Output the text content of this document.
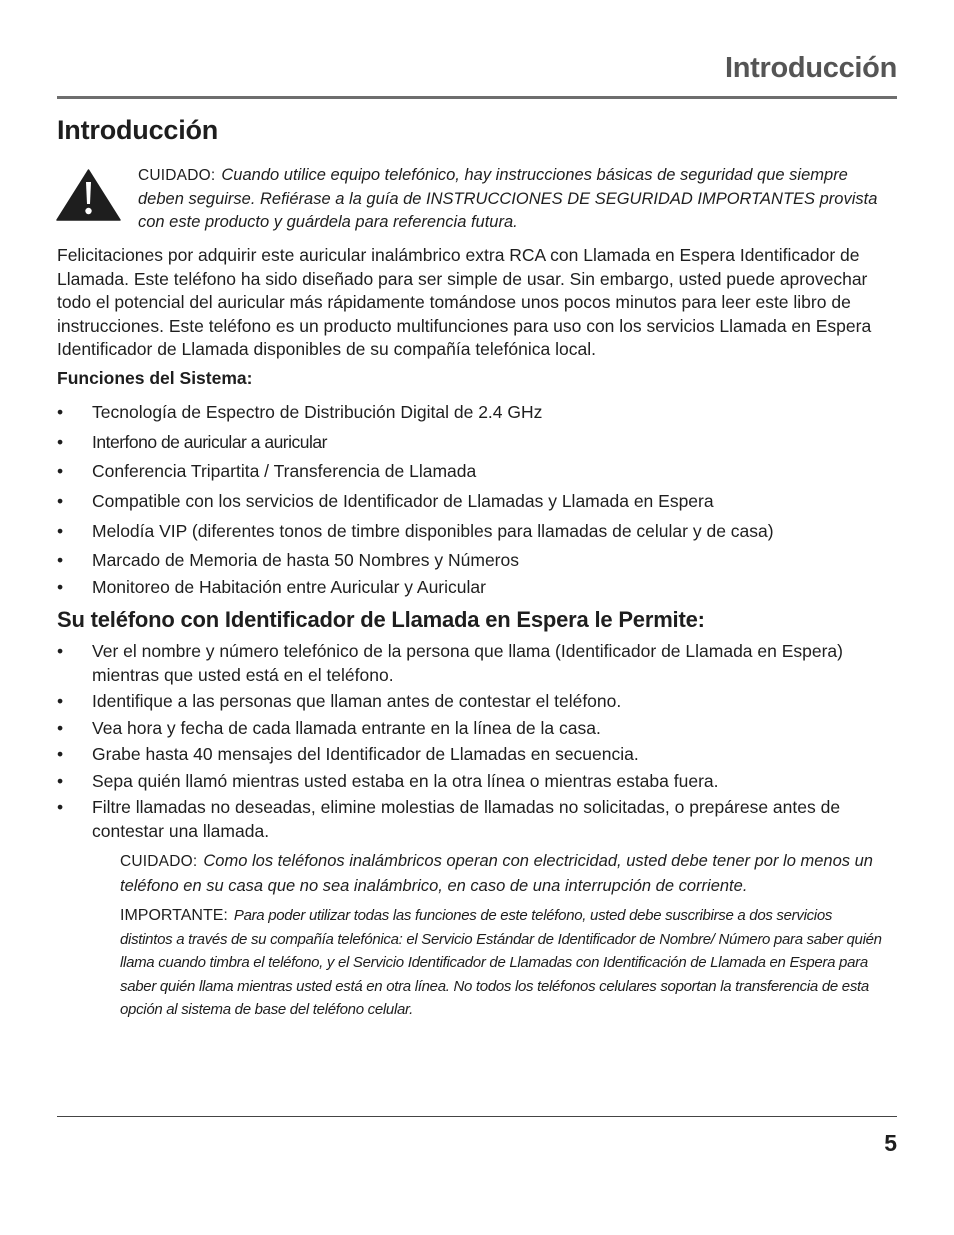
Introducción
Introducción
CUIDADO: Cuando utilice equipo telefónico, hay instrucciones básicas de seguridad que siempre deben seguirse. Refiérase a la guía de INSTRUCCIONES DE SEGURIDAD IMPORTANTES provista con este producto y guárdela para referencia futura.

Felicitaciones por adquirir este auricular inalámbrico extra RCA con Llamada en Espera Identificador de Llamada. Este teléfono ha sido diseñado para ser simple de usar. Sin embargo, usted puede aprovechar todo el potencial del auricular más rápidamente tomándose unos pocos minutos para leer este libro de instrucciones. Este teléfono es un producto multifunciones para uso con los servicios Llamada en Espera Identificador de Llamada disponibles de su compañía telefónica local.

Funciones del Sistema:
•	Tecnología de Espectro de Distribución Digital de 2.4 GHz
•	Interfono de auricular a auricular
•	Conferencia Tripartita / Transferencia de Llamada
•	Compatible con los servicios de Identificador de Llamadas y Llamada en Espera
•	Melodía VIP (diferentes tonos de timbre disponibles para llamadas de celular y de casa)
•	Marcado de Memoria de hasta 50 Nombres y Números
•	Monitoreo de Habitación entre Auricular y Auricular
Su teléfono con Identificador de Llamada en Espera le Permite:
•	Ver el nombre y número telefónico de la persona que llama (Identificador de Llamada en Espera) mientras que usted está en el teléfono.
•	Identifique a las personas que llaman antes de contestar el teléfono.
•	Vea hora y fecha de cada llamada entrante en la línea de la casa.
•	Grabe hasta 40 mensajes del Identificador de Llamadas en secuencia.
•	Sepa quién llamó mientras usted estaba en la otra línea o mientras estaba fuera.
•	Filtre llamadas no deseadas, elimine molestias de llamadas no solicitadas, o prepárese antes de contestar una llamada.

CUIDADO: Como los teléfonos inalámbricos operan con electricidad, usted debe tener por lo menos un teléfono en su casa que no sea inalámbrico, en caso de una interrupción de corriente.

IMPORTANTE: Para poder utilizar todas las funciones de este teléfono, usted debe suscribirse a dos servicios distintos a través de su compañía telefónica: el Servicio Estándar de Identificador de Nombre/ Número para saber quién llama cuando timbra el teléfono, y el Servicio Identificador de Llamadas con Identificación de Llamada en Espera para saber quién llama mientras usted está en otra línea. No todos los teléfonos celulares soportan la transferencia de esta opción al sistema de base del teléfono celular.

5
